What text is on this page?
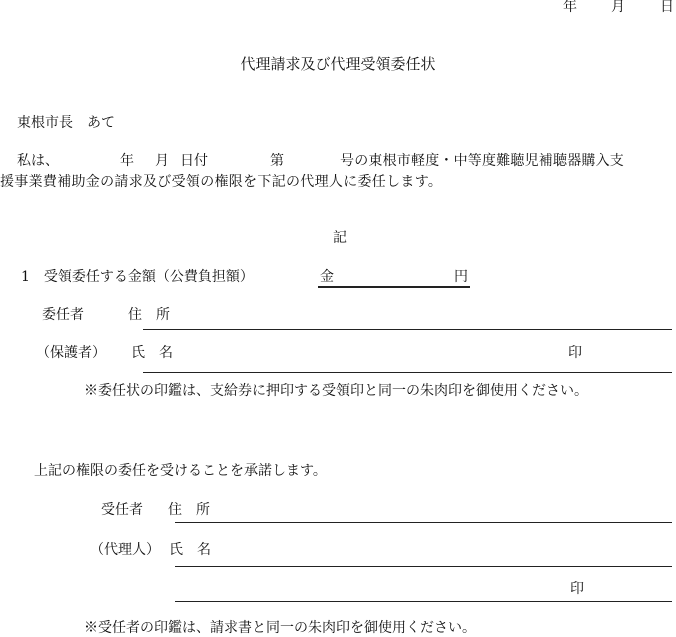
年 月	日
代理請求及び代理受領委任状
東根市長　あて
私は、	年 月 日付	第	号の東根市軽度・中等度難聴児補聴器購入支
援事業費補助金の請求及び受領の権限を下記の代理人に委任します。
記
1　受領委任する金額（公費負担額）	金	円
委任者	住　所
（保護者） 氏　名	印
※委任状の印鑑は、支給券に押印する受領印と同一の朱肉印を御使用ください。
上記の権限の委任を受けることを承諾します。
受任者 住　所
（代理人） 氏　名
印
※受任者の印鑑は、請求書と同一の朱肉印を御使用ください。
